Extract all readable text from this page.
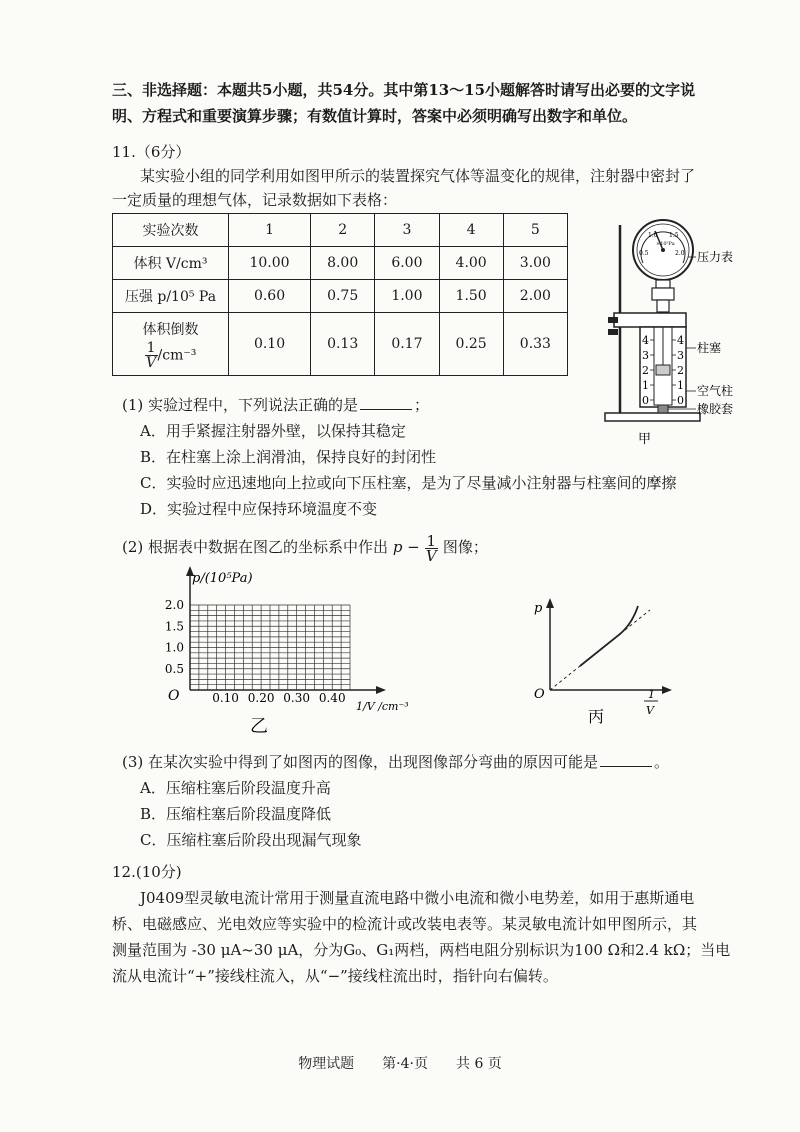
三、非选择题：本题共5小题，共54分。其中第13～15小题解答时请写出必要的文字说
明、方程式和重要演算步骤；有数值计算时，答案中必须明确写出数字和单位。
11.（6分）
某实验小组的同学利用如图甲所示的装置探究气体等温变化的规律，注射器中密封了
一定质量的理想气体，记录数据如下表格：
实验次数	1	2	3	4	5
体积 V/cm³	10.00	8.00	6.00	4.00	3.00
压强 p/10⁵ Pa	0.60	0.75	1.00	1.50	2.00

体积倒数
$\frac{1}{V} /cm^{-3}$	0.10	0.13	0.17	0.25	0.33
0.5
1.0 1.5
2.0
×10⁵Pa
4
3
2
1
0
4
3
2
1
0
压力表
柱塞
空气柱
橡胶套
甲
(1) 实验过程中，下列说法正确的是	；
A．用手紧握注射器外壁，以保持其稳定
B．在柱塞上涂上润滑油，保持良好的封闭性
C．实验时应迅速地向上拉或向下压柱塞，是为了尽量减小注射器与柱塞间的摩擦
D．实验过程中应保持环境温度不变
(2) 根据表中数据在图乙的坐标系中作出 $p - \frac{1}{V}$ 图像；
0.5
1.0
1.5
2.0
0.10 0.20 0.30 0.40
p/(10⁵Pa)
O
1/V /cm⁻³
乙
p
O	1
V
丙
(3) 在某次实验中得到了如图丙的图像，出现图像部分弯曲的原因可能是	。
A．压缩柱塞后阶段温度升高
B．压缩柱塞后阶段温度降低
C．压缩柱塞后阶段出现漏气现象
12.(10分)
J0409型灵敏电流计常用于测量直流电路中微小电流和微小电势差，如用于惠斯通电
桥、电磁感应、光电效应等实验中的检流计或改装电表等。某灵敏电流计如甲图所示，其
测量范围为 -30 μA~30 μA，分为G₀、G₁两档，两档电阻分别标识为100 Ω和2.4 kΩ；当电
流从电流计“+”接线柱流入，从“−”接线柱流出时，指针向右偏转。
物理试题　　第·4·页　　共 6 页
